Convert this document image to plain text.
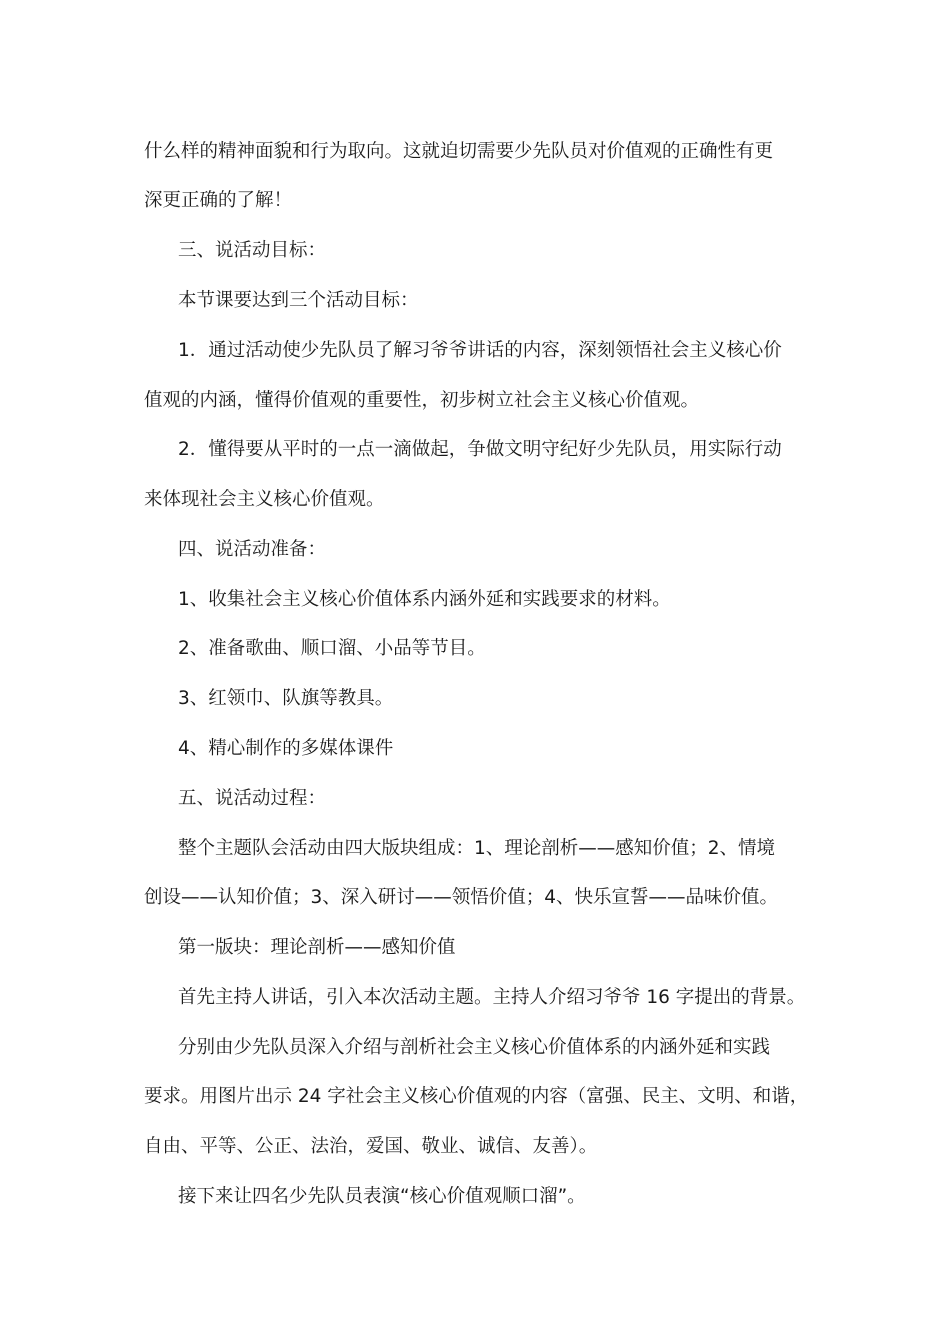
什么样的精神面貌和行为取向。这就迫切需要少先队员对价值观的正确性有更
深更正确的了解！
三、说活动目标：
本节课要达到三个活动目标：
1．通过活动使少先队员了解习爷爷讲话的内容，深刻领悟社会主义核心价
值观的内涵，懂得价值观的重要性，初步树立社会主义核心价值观。
2．懂得要从平时的一点一滴做起，争做文明守纪好少先队员，用实际行动
来体现社会主义核心价值观。
四、说活动准备：
1、收集社会主义核心价值体系内涵外延和实践要求的材料。
2、准备歌曲、顺口溜、小品等节目。
3、红领巾、队旗等教具。
4、精心制作的多媒体课件
五、说活动过程：
整个主题队会活动由四大版块组成：1、理论剖析——感知价值；2、情境
创设——认知价值；3、深入研讨——领悟价值；4、快乐宣誓——品味价值。
第一版块：理论剖析——感知价值
首先主持人讲话，引入本次活动主题。主持人介绍习爷爷 16 字提出的背景。
分别由少先队员深入介绍与剖析社会主义核心价值体系的内涵外延和实践
要求。用图片出示 24 字社会主义核心价值观的内容（富强、民主、文明、和谐，
自由、平等、公正、法治，爱国、敬业、诚信、友善）。
接下来让四名少先队员表演“核心价值观顺口溜”。
